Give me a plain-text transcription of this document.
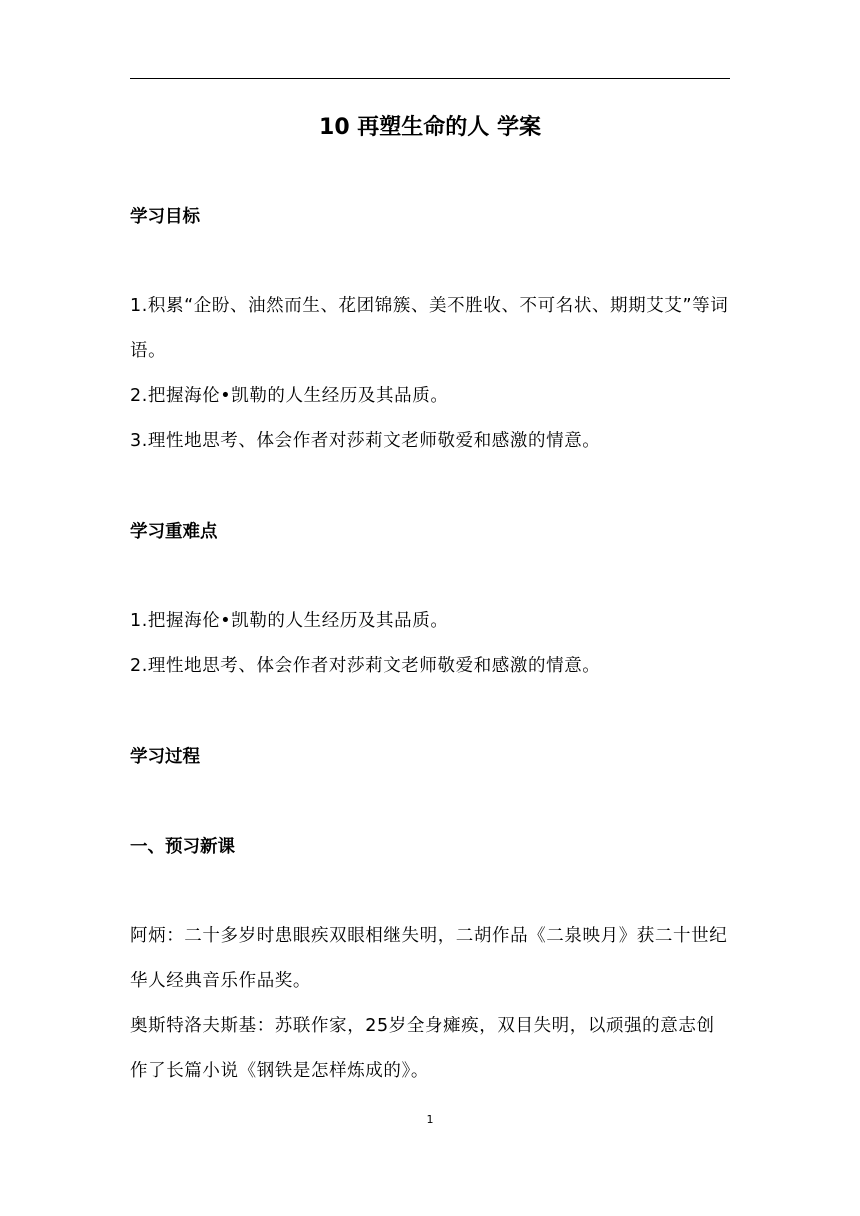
10 再塑生命的人 学案
学习目标

1.积累“企盼、油然而生、花团锦簇、美不胜收、不可名状、期期艾艾”等词语。

2.把握海伦•凯勒的人生经历及其品质。

3.理性地思考、体会作者对莎莉文老师敬爱和感激的情意。

学习重难点

1.把握海伦•凯勒的人生经历及其品质。

2.理性地思考、体会作者对莎莉文老师敬爱和感激的情意。

学习过程
一、预习新课

阿炳：二十多岁时患眼疾双眼相继失明，二胡作品《二泉映月》获二十世纪华人经典音乐作品奖。

奥斯特洛夫斯基：苏联作家，25岁全身瘫痪，双目失明，以顽强的意志创作了长篇小说《钢铁是怎样炼成的》。

1
